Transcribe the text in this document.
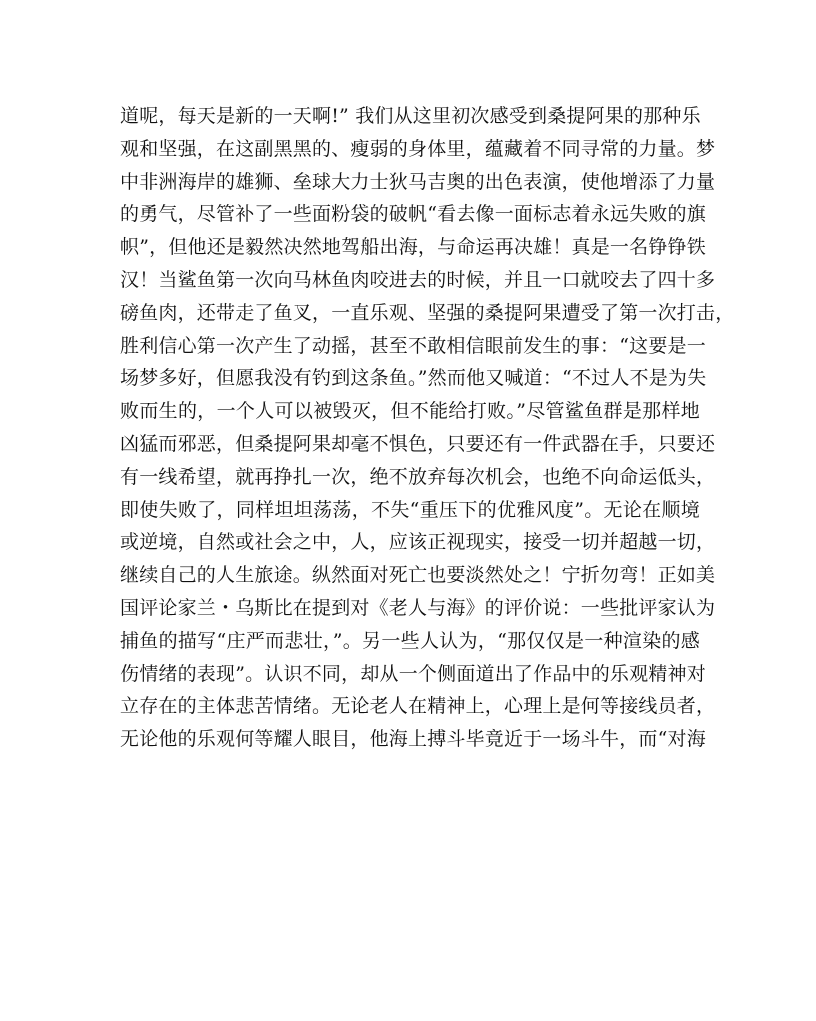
道呢，每天是新的一天啊!” 我们从这里初次感受到桑提阿果的那种乐
观和坚强，在这副黑黑的、瘦弱的身体里，蕴藏着不同寻常的力量。梦
中非洲海岸的雄狮、垒球大力士狄马吉奥的出色表演，使他增添了力量
的勇气，尽管补了一些面粉袋的破帆“看去像一面标志着永远失败的旗
帜”，但他还是毅然决然地驾船出海，与命运再决雄！真是一名铮铮铁
汉！当鲨鱼第一次向马林鱼肉咬进去的时候，并且一口就咬去了四十多
磅鱼肉，还带走了鱼叉，一直乐观、坚强的桑提阿果遭受了第一次打击，
胜利信心第一次产生了动摇，甚至不敢相信眼前发生的事：“这要是一
场梦多好，但愿我没有钓到这条鱼。”然而他又喊道：“不过人不是为失
败而生的，一个人可以被毁灭，但不能给打败。”尽管鲨鱼群是那样地
凶猛而邪恶，但桑提阿果却毫不惧色，只要还有一件武器在手，只要还
有一线希望，就再挣扎一次，绝不放弃每次机会，也绝不向命运低头，
即使失败了，同样坦坦荡荡，不失“重压下的优雅风度”。无论在顺境
或逆境，自然或社会之中，人，应该正视现实，接受一切并超越一切，
继续自己的人生旅途。纵然面对死亡也要淡然处之！宁折勿弯！正如美
国评论家兰・乌斯比在提到对《老人与海》的评价说：一些批评家认为
捕鱼的描写“庄严而悲壮，”。另一些人认为，“那仅仅是一种渲染的感
伤情绪的表现”。认识不同，却从一个侧面道出了作品中的乐观精神对
立存在的主体悲苦情绪。无论老人在精神上，心理上是何等接线员者，
无论他的乐观何等耀人眼目，他海上搏斗毕竟近于一场斗牛，而“对海
